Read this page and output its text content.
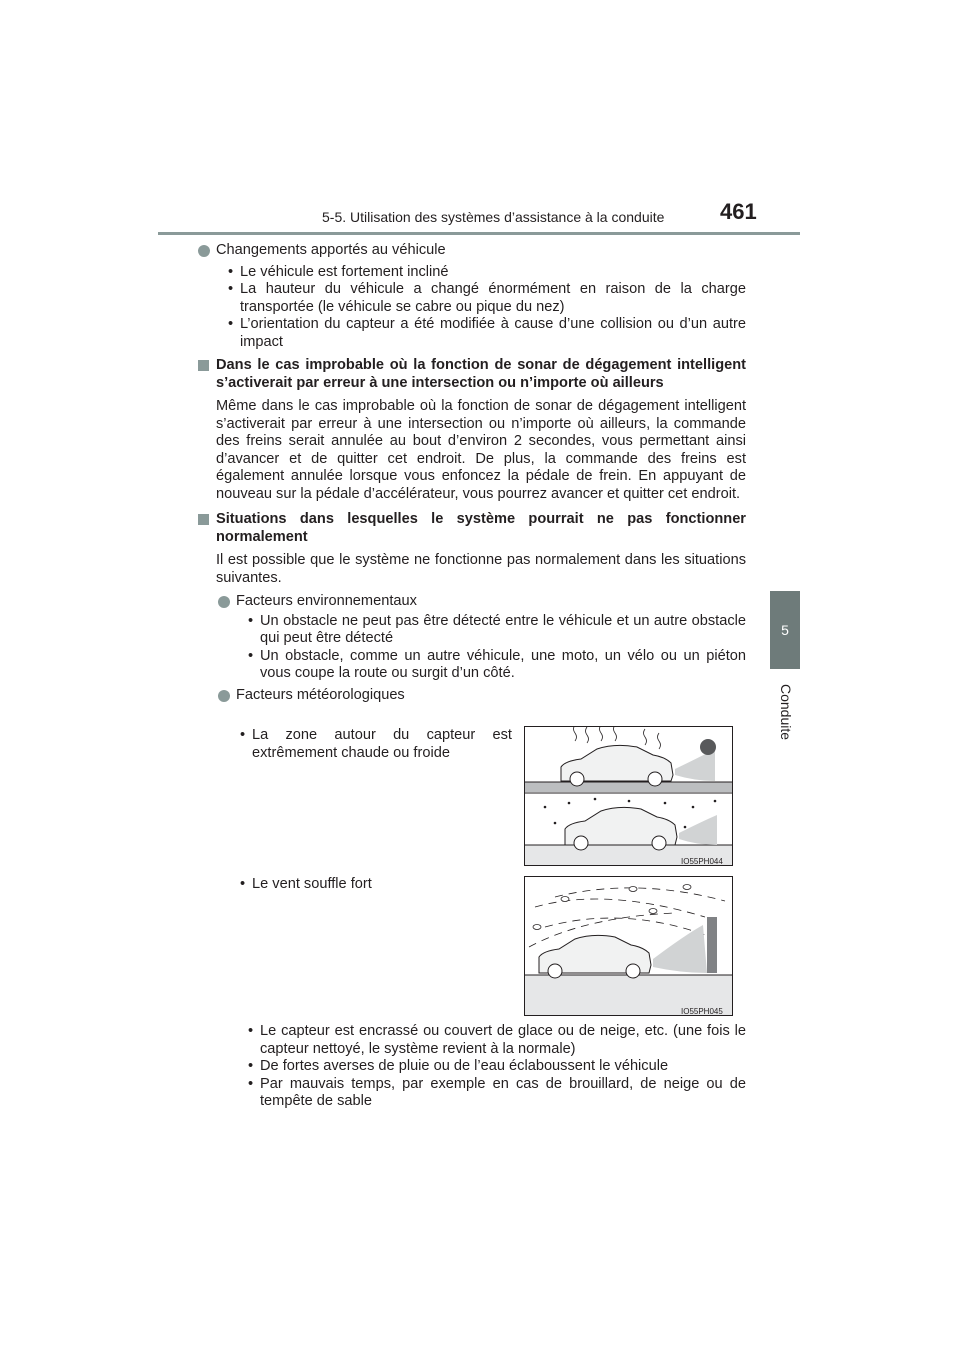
5-5. Utilisation des systèmes d’assistance à la conduite	461
5
Conduite
Changements apportés au véhicule
• Le véhicule est fortement incliné
• La hauteur du véhicule a changé énormément en raison de la charge transportée (le véhicule se cabre ou pique du nez)
• L’orientation du capteur a été modifiée à cause d’une collision ou d’un autre impact
Dans le cas improbable où la fonction de sonar de dégagement intelligent s’activerait par erreur à une intersection ou n’importe où ailleurs
Même dans le cas improbable où la fonction de sonar de dégagement intelligent s’activerait par erreur à une intersection ou n’importe où ailleurs, la commande des freins serait annulée au bout d’environ 2 secondes, vous permettant ainsi d’avancer et de quitter cet endroit. De plus, la commande des freins est également annulée lorsque vous enfoncez la pédale de frein. En appuyant de nouveau sur la pédale d’accélérateur, vous pourrez avancer et quitter cet endroit.
Situations dans lesquelles le système pourrait ne pas fonctionner normalement
Il est possible que le système ne fonctionne pas normalement dans les situations suivantes.
Facteurs environnementaux
• Un obstacle ne peut pas être détecté entre le véhicule et un autre obstacle qui peut être détecté
• Un obstacle, comme un autre véhicule, une moto, un vélo ou un piéton vous coupe la route ou surgit d’un côté.
Facteurs météorologiques
• La zone autour du capteur est extrêmement chaude ou froide
IO55PH044
• Le vent souffle fort
IO55PH045
• Le capteur est encrassé ou couvert de glace ou de neige, etc. (une fois le capteur nettoyé, le système revient à la normale)
• De fortes averses de pluie ou de l’eau éclaboussent le véhicule
• Par mauvais temps, par exemple en cas de brouillard, de neige ou de tempête de sable
